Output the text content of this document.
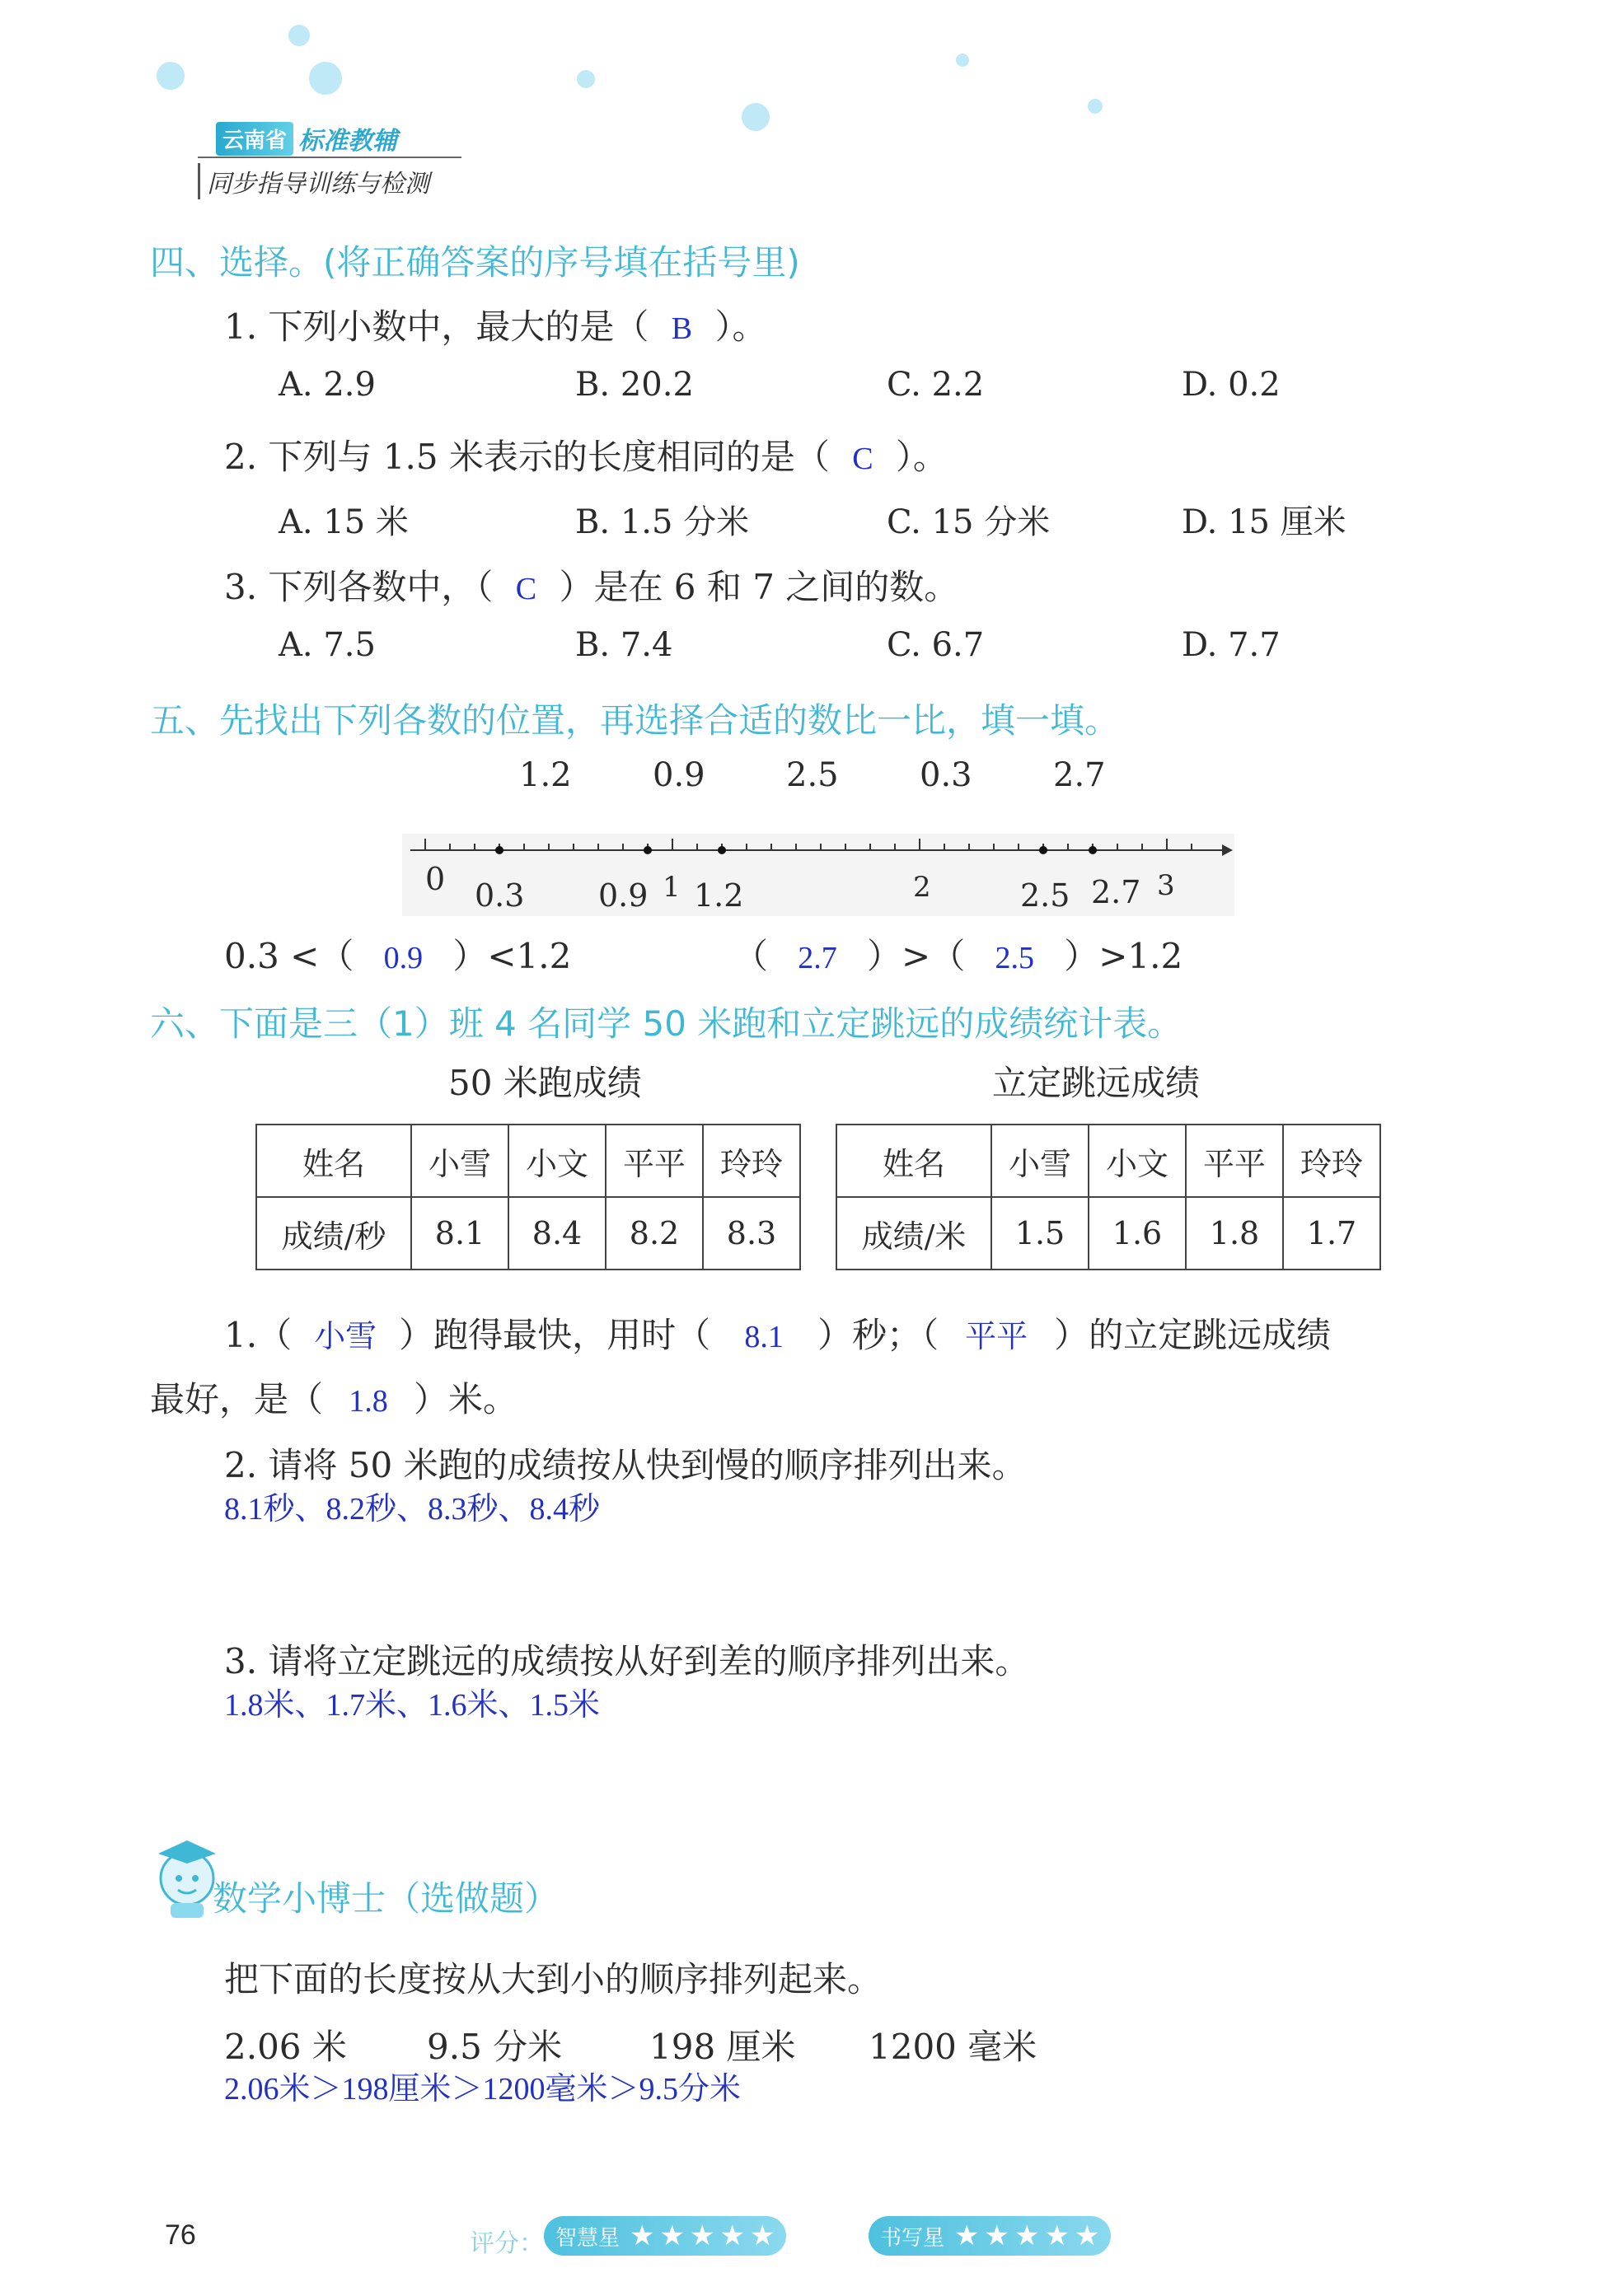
云南省 标准教辅
同步指导训练与检测
四、选择。(将正确答案的序号填在括号里)
1. 下列小数中，最大的是（ B ）。
A. 2.9	B. 20.2	C. 2.2	D. 0.2
2. 下列与 1.5 米表示的长度相同的是（ C ）。
A. 15 米	B. 1.5 分米	C. 15 分米	D. 15 厘米
3. 下列各数中，（ C ）是在 6 和 7 之间的数。
A. 7.5	B. 7.4	C. 6.7	D. 7.7
五、先找出下列各数的位置，再选择合适的数比一比，填一填。
1.2	0.9	2.5	0.3	2.7
0 0.3 0.9 1 1.2	2	2.5 2.7 3
0.3 <（ 0.9 ）<1.2	（ 2.7 ）>（ 2.5 ）>1.2
六、下面是三（1）班 4 名同学 50 米跑和立定跳远的成绩统计表。
50 米跑成绩	立定跳远成绩
姓名	小雪	小文	平平	玲玲
成绩/秒	8.1	8.4	8.2	8.3
姓名	小雪	小文	平平	玲玲
成绩/米	1.5	1.6	1.8	1.7
1.（ 小雪 ）跑得最快，用时（ 8.1 ）秒；（ 平平 ）的立定跳远成绩
最好，是（ 1.8 ）米。
2. 请将 50 米跑的成绩按从快到慢的顺序排列出来。
8.1秒、8.2秒、8.3秒、8.4秒
3. 请将立定跳远的成绩按从好到差的顺序排列出来。
1.8米、1.7米、1.6米、1.5米
数学小博士（选做题）
把下面的长度按从大到小的顺序排列起来。
2.06 米 9.5 分米	198 厘米 1200 毫米
2.06米＞198厘米＞1200毫米＞9.5分米
76	评分： 智慧星 ★ ★ ★ ★ ★	书写星 ★ ★ ★ ★ ★
